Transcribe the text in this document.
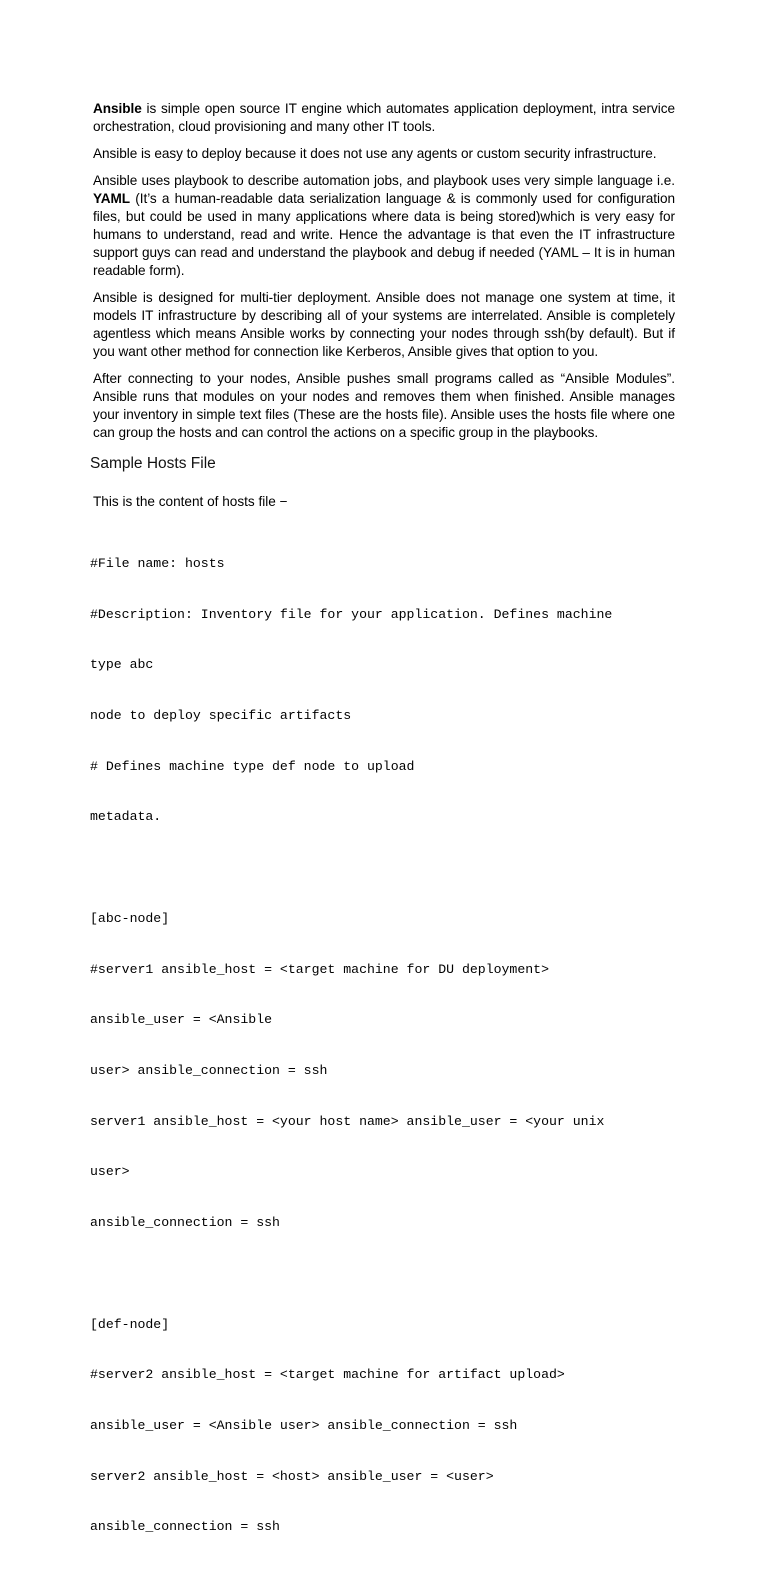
Ansible is simple open source IT engine which automates application deployment, intra service orchestration, cloud provisioning and many other IT tools.

Ansible is easy to deploy because it does not use any agents or custom security infrastructure.

Ansible uses playbook to describe automation jobs, and playbook uses very simple language i.e. YAML (It’s a human-readable data serialization language & is commonly used for configuration files, but could be used in many applications where data is being stored)which is very easy for humans to understand, read and write. Hence the advantage is that even the IT infrastructure support guys can read and understand the playbook and debug if needed (YAML – It is in human readable form).

Ansible is designed for multi-tier deployment. Ansible does not manage one system at time, it models IT infrastructure by describing all of your systems are interrelated. Ansible is completely agentless which means Ansible works by connecting your nodes through ssh(by default). But if you want other method for connection like Kerberos, Ansible gives that option to you.

After connecting to your nodes, Ansible pushes small programs called as “Ansible Modules”. Ansible runs that modules on your nodes and removes them when finished. Ansible manages your inventory in simple text files (These are the hosts file). Ansible uses the hosts file where one can group the hosts and can control the actions on a specific group in the playbooks.

Sample Hosts File
This is the content of hosts file −

#File name: hosts

#Description: Inventory file for your application. Defines machine

type abc

node to deploy specific artifacts

# Defines machine type def node to upload

metadata.

[abc-node]

#server1 ansible_host = <target machine for DU deployment>

ansible_user = <Ansible

user> ansible_connection = ssh

server1 ansible_host = <your host name> ansible_user = <your unix

user>

ansible_connection = ssh

[def-node]

#server2 ansible_host = <target machine for artifact upload>

ansible_user = <Ansible user> ansible_connection = ssh

server2 ansible_host = <host> ansible_user = <user>

ansible_connection = ssh
